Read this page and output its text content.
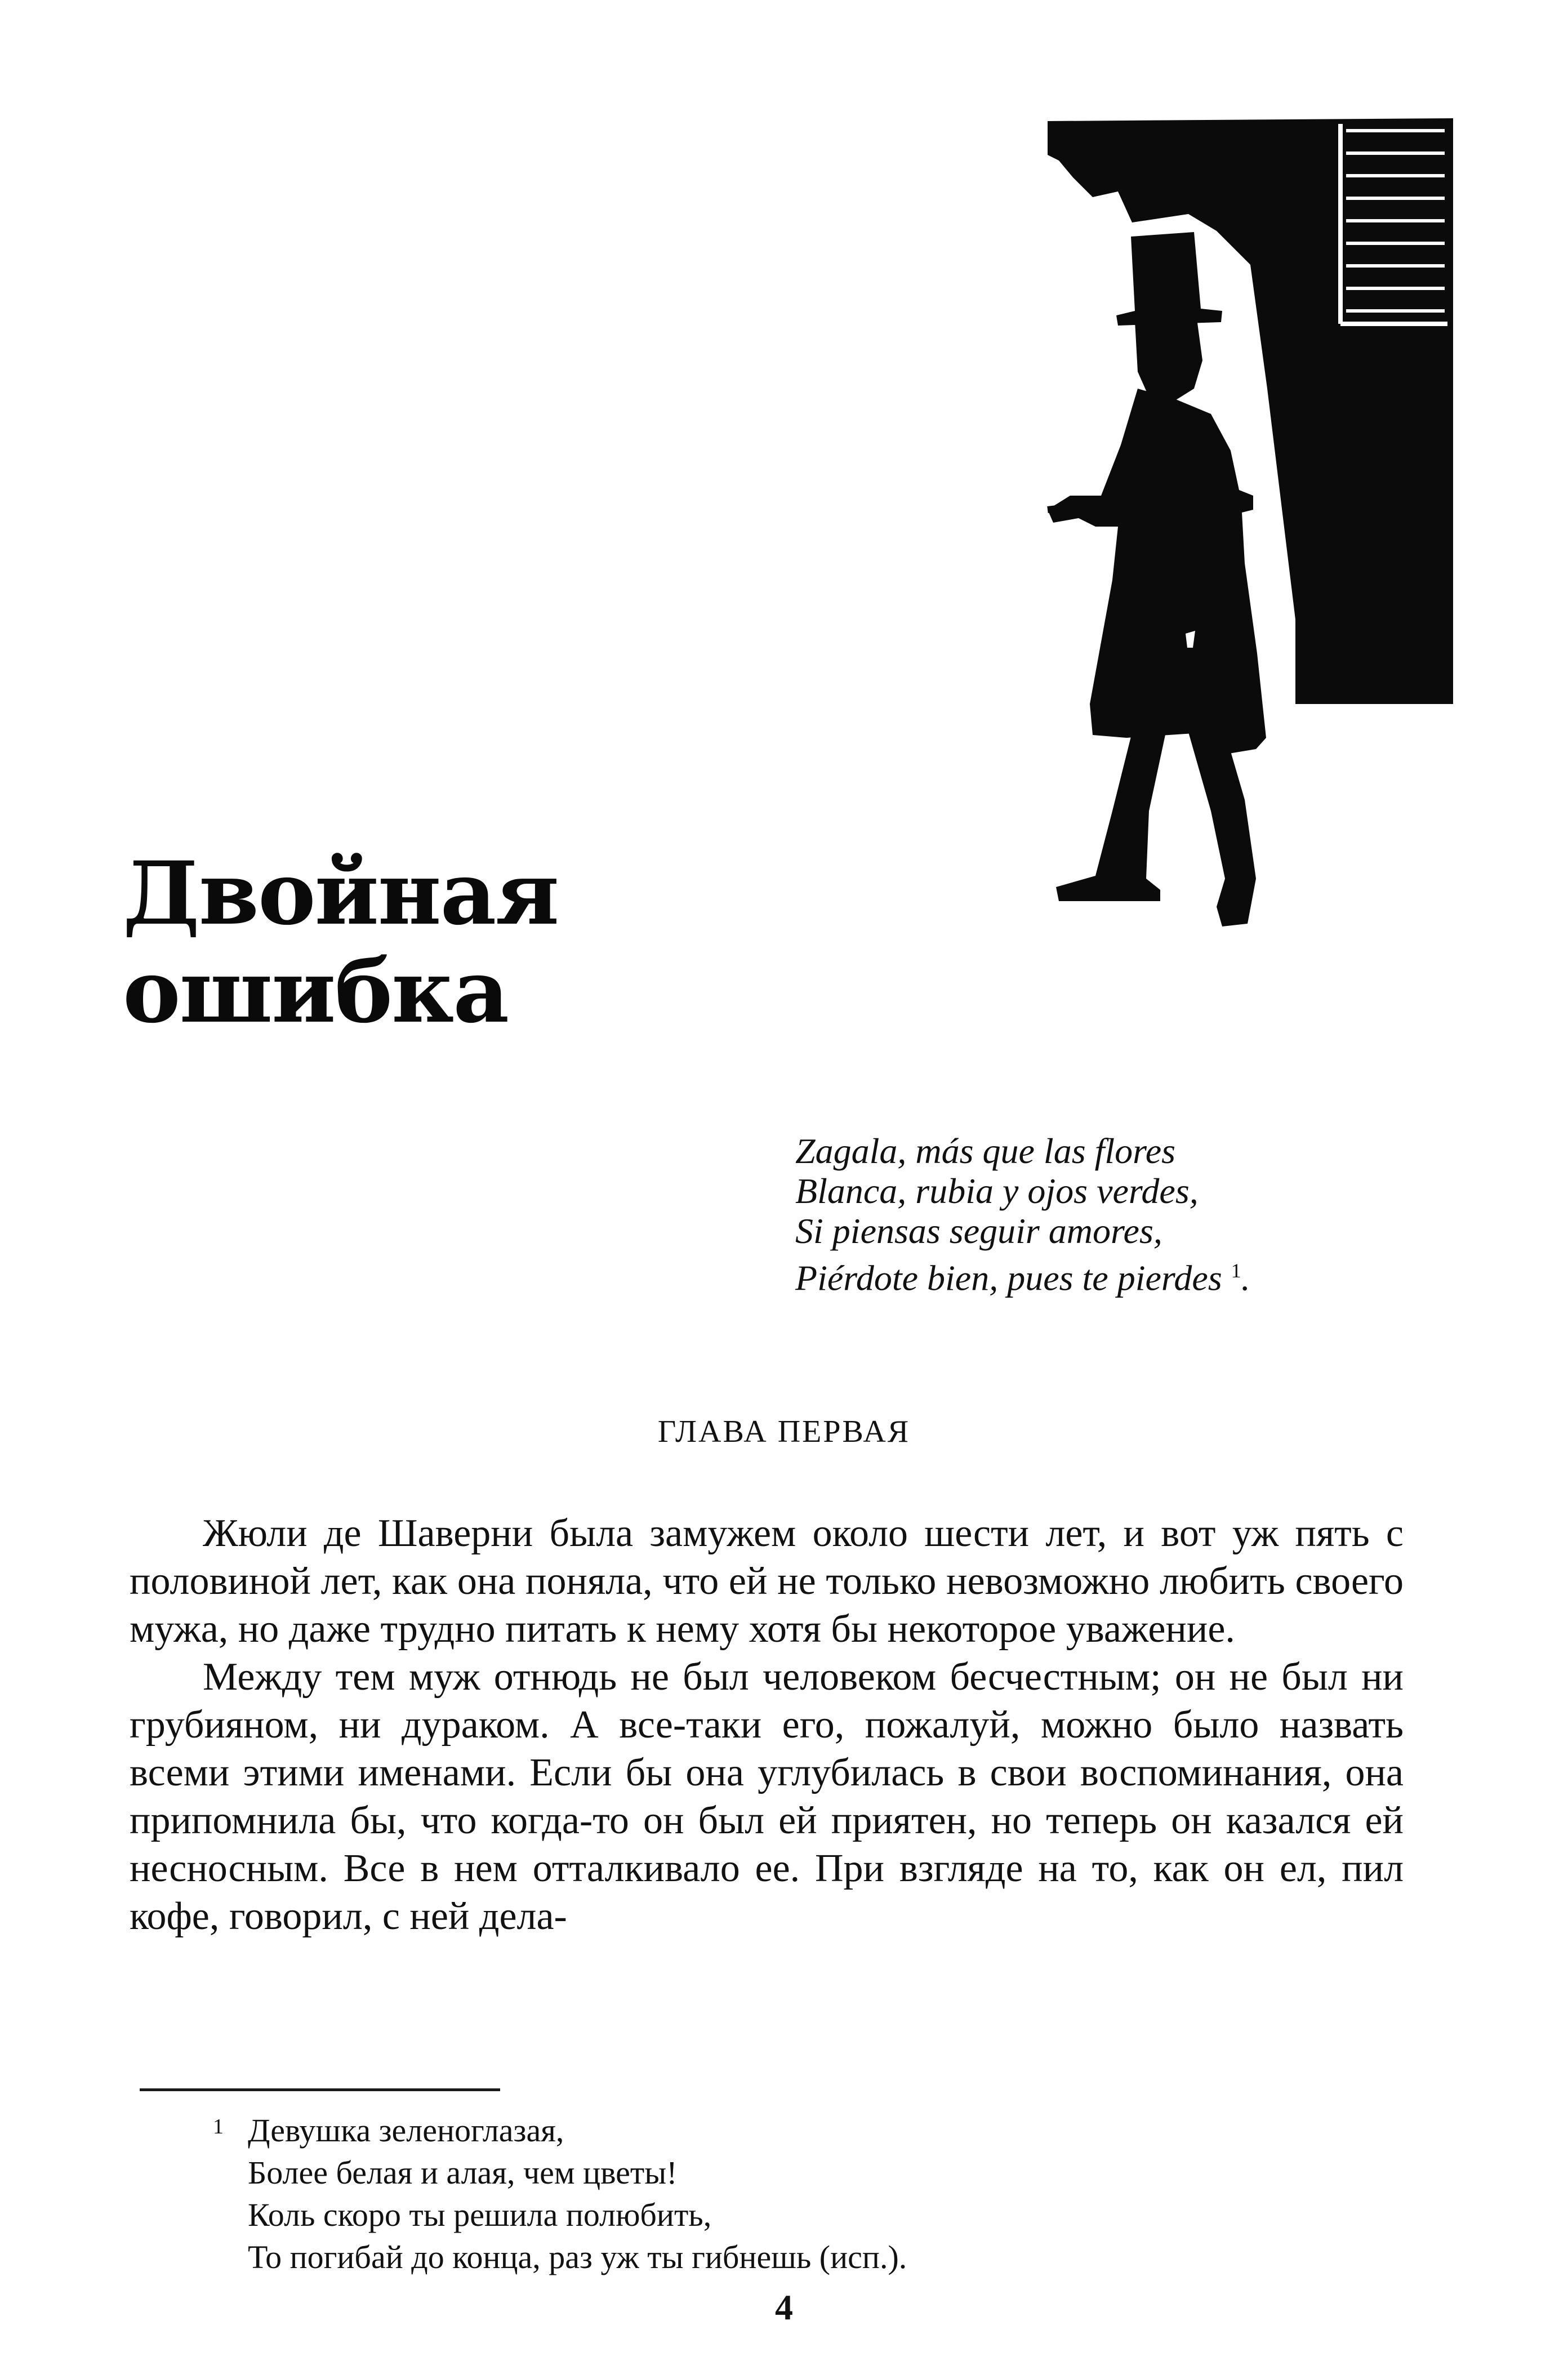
Двойная
ошибка
Zagala, más que las flores
Blanca, rubia y ojos verdes,
Si piensas seguir amores,
Piérdote bien, pues te pierdes $^1$.
ГЛАВА ПЕРВАЯ

Жюли де Шаверни была замужем около шести лет, и вот уж пять с половиной лет, как она поняла, что ей не только невозможно любить своего мужа, но даже трудно питать к нему хотя бы некоторое уважение.

Между тем муж отнюдь не был человеком бесчестным; он не был ни грубияном, ни дураком. А все-таки его, пожалуй, можно было назвать всеми этими именами. Если бы она углубилась в свои воспоминания, она припомнила бы, что когда-то он был ей приятен, но теперь он казался ей несносным. Все в нем отталкивало ее. При взгляде на то, как он ел, пил кофе, говорил, с ней дела-

1 Девушка зеленоглазая,
Более белая и алая, чем цветы!
Коль скоро ты решила полюбить,
То погибай до конца, раз уж ты гибнешь (исп.).
4
